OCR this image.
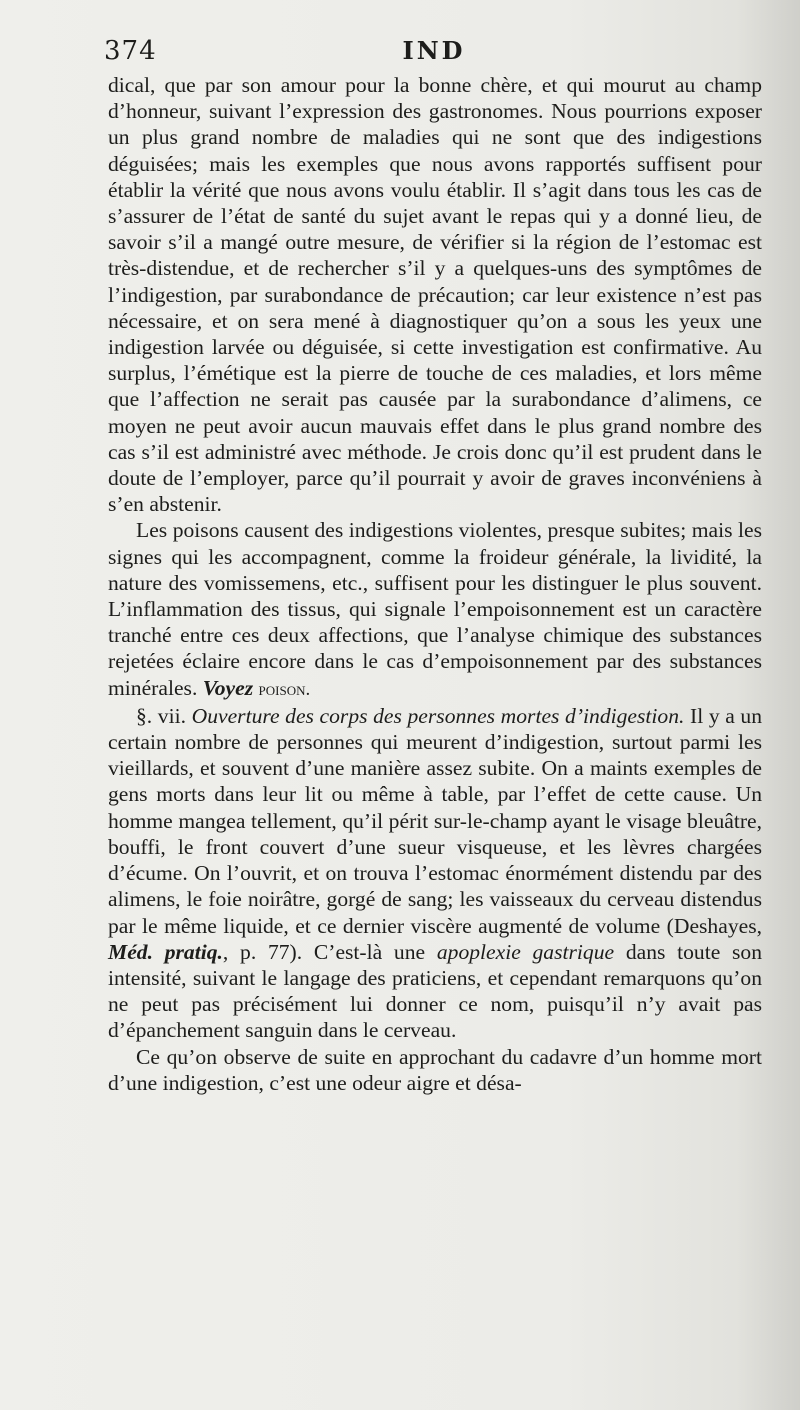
374	IND

dical, que par son amour pour la bonne chère, et qui mourut au champ d’honneur, suivant l’expression des gastronomes. Nous pourrions exposer un plus grand nombre de maladies qui ne sont que des indigestions déguisées; mais les exemples que nous avons rapportés suffisent pour établir la vérité que nous avons voulu établir. Il s’agit dans tous les cas de s’assurer de l’état de santé du sujet avant le repas qui y a donné lieu, de savoir s’il a mangé outre mesure, de vérifier si la région de l’estomac est très-distendue, et de rechercher s’il y a quelques-uns des symptômes de l’indigestion, par surabondance de précaution; car leur existence n’est pas nécessaire, et on sera mené à diagnostiquer qu’on a sous les yeux une indigestion larvée ou déguisée, si cette investigation est confirmative. Au surplus, l’émétique est la pierre de touche de ces maladies, et lors même que l’affection ne serait pas causée par la surabondance d’alimens, ce moyen ne peut avoir aucun mauvais effet dans le plus grand nombre des cas s’il est administré avec méthode. Je crois donc qu’il est prudent dans le doute de l’employer, parce qu’il pourrait y avoir de graves inconvéniens à s’en abstenir.

Les poisons causent des indigestions violentes, presque subites; mais les signes qui les accompagnent, comme la froideur générale, la lividité, la nature des vomissemens, etc., suffisent pour les distinguer le plus souvent. L’inflammation des tissus, qui signale l’empoisonnement est un caractère tranché entre ces deux affections, que l’analyse chimique des substances rejetées éclaire encore dans le cas d’empoisonnement par des substances minérales. Voyez poison.

§. vii. Ouverture des corps des personnes mortes d’indigestion. Il y a un certain nombre de personnes qui meurent d’indigestion, surtout parmi les vieillards, et souvent d’une manière assez subite. On a maints exemples de gens morts dans leur lit ou même à table, par l’effet de cette cause. Un homme mangea tellement, qu’il périt sur-le-champ ayant le visage bleuâtre, bouffi, le front couvert d’une sueur visqueuse, et les lèvres chargées d’écume. On l’ouvrit, et on trouva l’estomac énormément distendu par des alimens, le foie noirâtre, gorgé de sang; les vaisseaux du cerveau distendus par le même liquide, et ce dernier viscère augmenté de volume (Deshayes, Méd. pratiq., p. 77). C’est-là une apoplexie gastrique dans toute son intensité, suivant le langage des praticiens, et cependant remarquons qu’on ne peut pas précisément lui donner ce nom, puisqu’il n’y avait pas d’épanchement sanguin dans le cerveau.

Ce qu’on observe de suite en approchant du cadavre d’un homme mort d’une indigestion, c’est une odeur aigre et désa-
